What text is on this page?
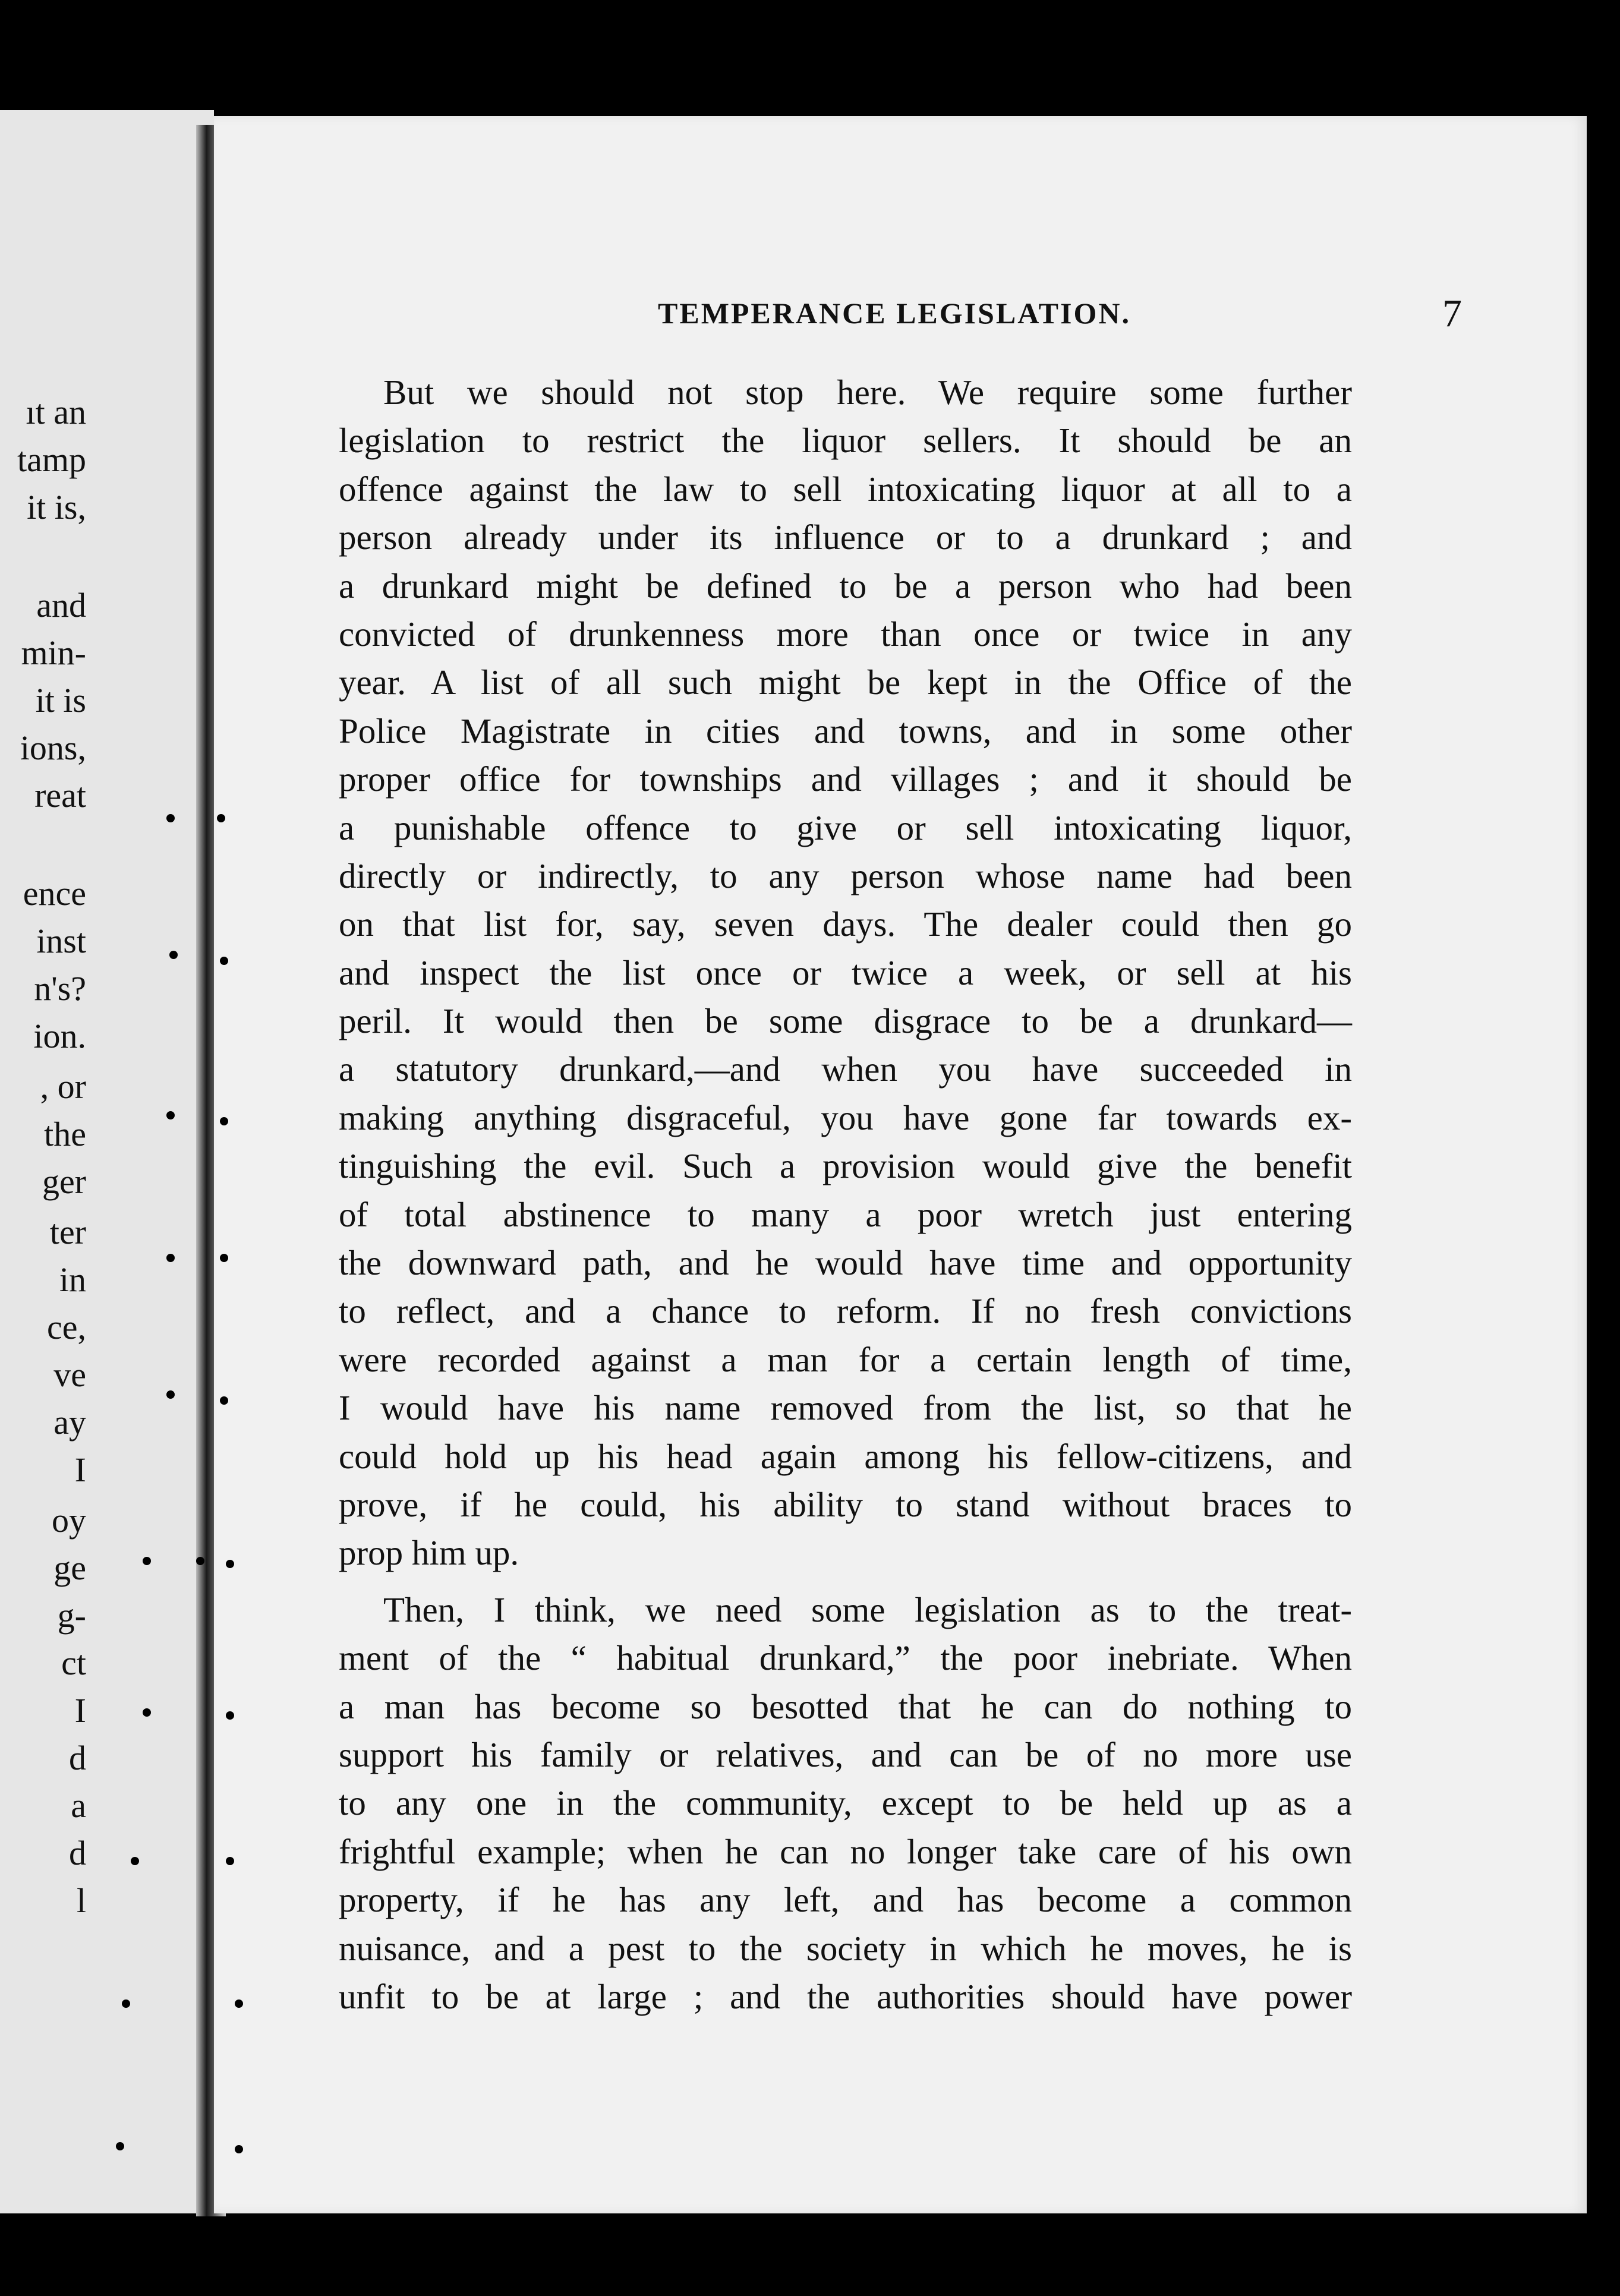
ıt an
tamp
it is,
and
min-
it is
ions,
reat
ence
inst
n's?
ion.
, or
the
ger
ter
in
ce,
ve
ay
I
oy
ge
g-
ct
I
d
a
d
l
TEMPERANCE LEGISLATION.	7
But we should not stop here. We require some further
legislation to restrict the liquor sellers. It should be an
offence against the law to sell intoxicating liquor at all to a
person already under its influence or to a drunkard ; and
a drunkard might be defined to be a person who had been
convicted of drunkenness more than once or twice in any
year. A list of all such might be kept in the Office of the
Police Magistrate in cities and towns, and in some other
proper office for townships and villages ; and it should be
a punishable offence to give or sell intoxicating liquor,
directly or indirectly, to any person whose name had been
on that list for, say, seven days. The dealer could then go
and inspect the list once or twice a week, or sell at his
peril. It would then be some disgrace to be a drunkard—
a statutory drunkard,—and when you have succeeded in
making anything disgraceful, you have gone far towards ex-
tinguishing the evil. Such a provision would give the benefit
of total abstinence to many a poor wretch just entering
the downward path, and he would have time and opportunity
to reflect, and a chance to reform. If no fresh convictions
were recorded against a man for a certain length of time,
I would have his name removed from the list, so that he
could hold up his head again among his fellow-citizens, and
prove, if he could, his ability to stand without braces to
prop him up.
Then, I think, we need some legislation as to the treat-
ment of the “ habitual drunkard,” the poor inebriate. When
a man has become so besotted that he can do nothing to
support his family or relatives, and can be of no more use
to any one in the community, except to be held up as a
frightful example; when he can no longer take care of his own
property, if he has any left, and has become a common
nuisance, and a pest to the society in which he moves, he is
unfit to be at large ; and the authorities should have power
